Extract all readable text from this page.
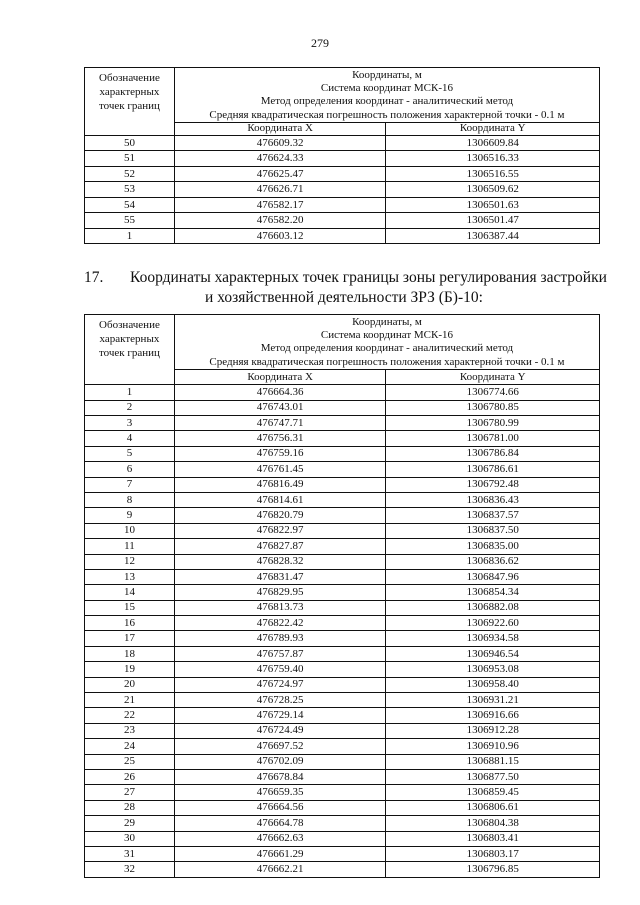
279
Обозначение
характерных
точек границ	Координаты, м
Система координат МСК-16
Метод определения координат - аналитический метод
Средняя квадратическая погрешность положения характерной точки - 0.1 м	
	Координата X	Координата Y
50	476609.32	1306609.84
51	476624.33	1306516.33
52	476625.47	1306516.55
53	476626.71	1306509.62
54	476582.17	1306501.63
55	476582.20	1306501.47
1	476603.12	1306387.44
17. Координаты характерных точек границы зоны регулирования застройки
и хозяйственной деятельности ЗРЗ (Б)-10:
Обозначение
характерных
точек границ	Координаты, м
Система координат МСК-16
Метод определения координат - аналитический метод
Средняя квадратическая погрешность положения характерной точки - 0.1 м	
	Координата X	Координата Y
1	476664.36	1306774.66
2	476743.01	1306780.85
3	476747.71	1306780.99
4	476756.31	1306781.00
5	476759.16	1306786.84
6	476761.45	1306786.61
7	476816.49	1306792.48
8	476814.61	1306836.43
9	476820.79	1306837.57
10	476822.97	1306837.50
11	476827.87	1306835.00
12	476828.32	1306836.62
13	476831.47	1306847.96
14	476829.95	1306854.34
15	476813.73	1306882.08
16	476822.42	1306922.60
17	476789.93	1306934.58
18	476757.87	1306946.54
19	476759.40	1306953.08
20	476724.97	1306958.40
21	476728.25	1306931.21
22	476729.14	1306916.66
23	476724.49	1306912.28
24	476697.52	1306910.96
25	476702.09	1306881.15
26	476678.84	1306877.50
27	476659.35	1306859.45
28	476664.56	1306806.61
29	476664.78	1306804.38
30	476662.63	1306803.41
31	476661.29	1306803.17
32	476662.21	1306796.85
